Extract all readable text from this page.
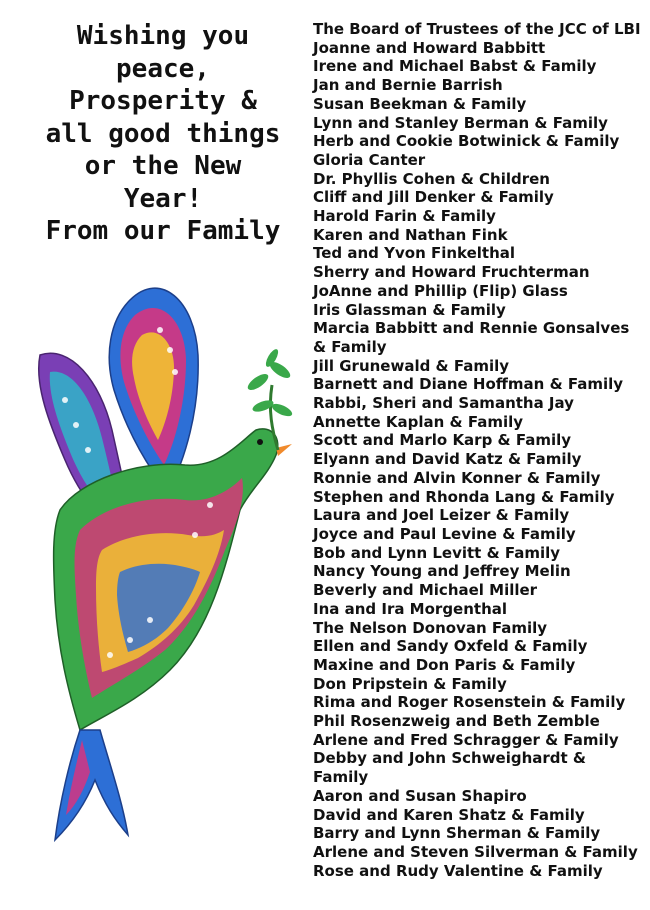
Wishing you
peace,
Prosperity &
all good things
or the New
Year!
From our Family
The Board of Trustees of the JCC of LBI
Joanne and Howard Babbitt
Irene and Michael Babst & Family
Jan and Bernie Barrish
Susan Beekman & Family
Lynn and Stanley Berman & Family
Herb and Cookie Botwinick & Family
Gloria Canter
Dr. Phyllis Cohen & Children
Cliff and Jill Denker & Family
Harold Farin & Family
Karen and Nathan Fink
Ted and Yvon Finkelthal
Sherry and Howard Fruchterman
JoAnne and Phillip (Flip) Glass
Iris Glassman & Family
Marcia Babbitt and Rennie Gonsalves & Family
Jill Grunewald & Family
Barnett and Diane Hoffman & Family
Rabbi, Sheri and Samantha Jay
Annette Kaplan & Family
Scott and Marlo Karp & Family
Elyann and David Katz & Family
Ronnie and Alvin Konner & Family
Stephen and Rhonda Lang & Family
Laura and Joel Leizer & Family
Joyce and Paul Levine & Family
Bob and Lynn Levitt & Family
Nancy Young and Jeffrey Melin
Beverly and Michael Miller
Ina and Ira Morgenthal
The Nelson Donovan Family
Ellen and Sandy Oxfeld & Family
Maxine and Don Paris & Family
Don Pripstein & Family
Rima and Roger Rosenstein & Family
Phil Rosenzweig and Beth Zemble
Arlene and Fred Schragger & Family
Debby and John Schweighardt & Family
Aaron and Susan Shapiro
David and Karen Shatz & Family
Barry and Lynn Sherman & Family
Arlene and Steven Silverman & Family
Rose and Rudy Valentine & Family
